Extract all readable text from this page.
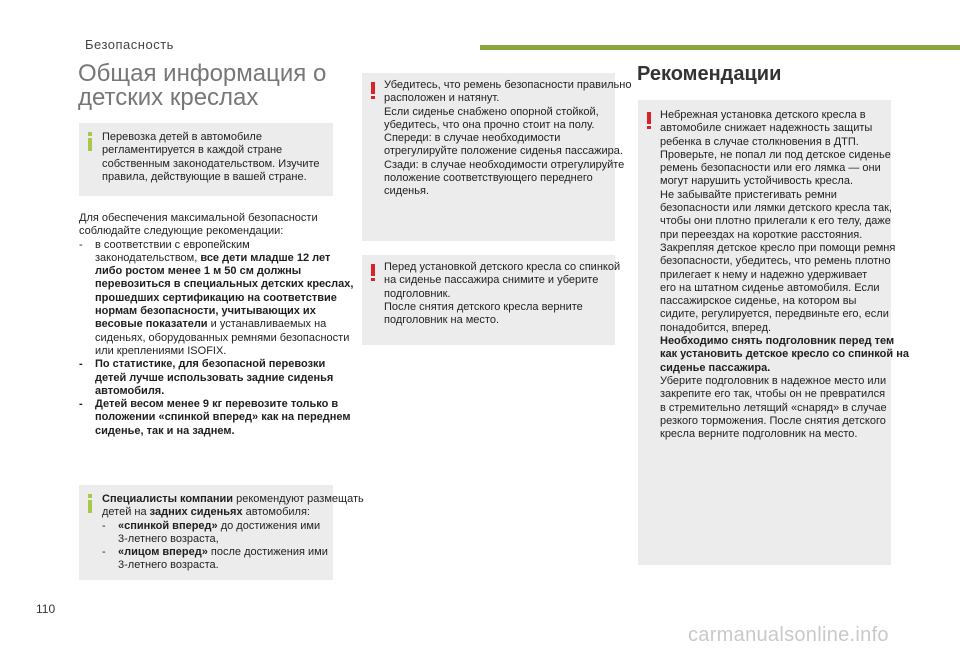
Безопасность
Общая информация о
детских креслах
Перевозка детей в автомобиле
регламентируется в каждой стране
собственным законодательством. Изучите
правила, действующие в вашей стране.
Для обеспечения максимальной безопасности
соблюдайте следующие рекомендации:
-	в соответствии с европейским
законодательством, все дети младше 12 лет
либо ростом менее 1 м 50 см должны
перевозиться в специальных детских креслах,
прошедших сертификацию на соответствие
нормам безопасности, учитывающих их
весовые показатели и устанавливаемых на
сиденьях, оборудованных ремнями безопасности
или креплениями ISOFIX.
-	По статистике, для безопасной перевозки
детей лучше использовать задние сиденья
автомобиля.
-	Детей весом менее 9 кг перевозите только в
положении «спинкой вперед» как на переднем
сиденье, так и на заднем.
Специалисты компании рекомендуют размещать
детей на задних сиденьях автомобиля:
-	«спинкой вперед» до достижения ими
3-летнего возраста,
-	«лицом вперед» после достижения ими
3-летнего возраста.
Убедитесь, что ремень безопасности правильно
расположен и натянут.
Если сиденье снабжено опорной стойкой,
убедитесь, что она прочно стоит на полу.
Спереди: в случае необходимости
отрегулируйте положение сиденья пассажира.
Сзади: в случае необходимости отрегулируйте
положение соответствующего переднего
сиденья.
Перед установкой детского кресла со спинкой
на сиденье пассажира снимите и уберите
подголовник.
После снятия детского кресла верните
подголовник на место.
Рекомендации
Небрежная установка детского кресла в
автомобиле снижает надежность защиты
ребенка в случае столкновения в ДТП.
Проверьте, не попал ли под детское сиденье
ремень безопасности или его лямка — они
могут нарушить устойчивость кресла.
Не забывайте пристегивать ремни
безопасности или лямки детского кресла так,
чтобы они плотно прилегали к его телу, даже
при переездах на короткие расстояния.
Закрепляя детское кресло при помощи ремня
безопасности, убедитесь, что ремень плотно
прилегает к нему и надежно удерживает
его на штатном сиденье автомобиля. Если
пассажирское сиденье, на котором вы
сидите, регулируется, передвиньте его, если
понадобится, вперед.
Необходимо снять подголовник перед тем
как установить детское кресло со спинкой на
сиденье пассажира.
Уберите подголовник в надежное место или
закрепите его так, чтобы он не превратился
в стремительно летящий «снаряд» в случае
резкого торможения. После снятия детского
кресла верните подголовник на место.
110
carmanualsonline.info
